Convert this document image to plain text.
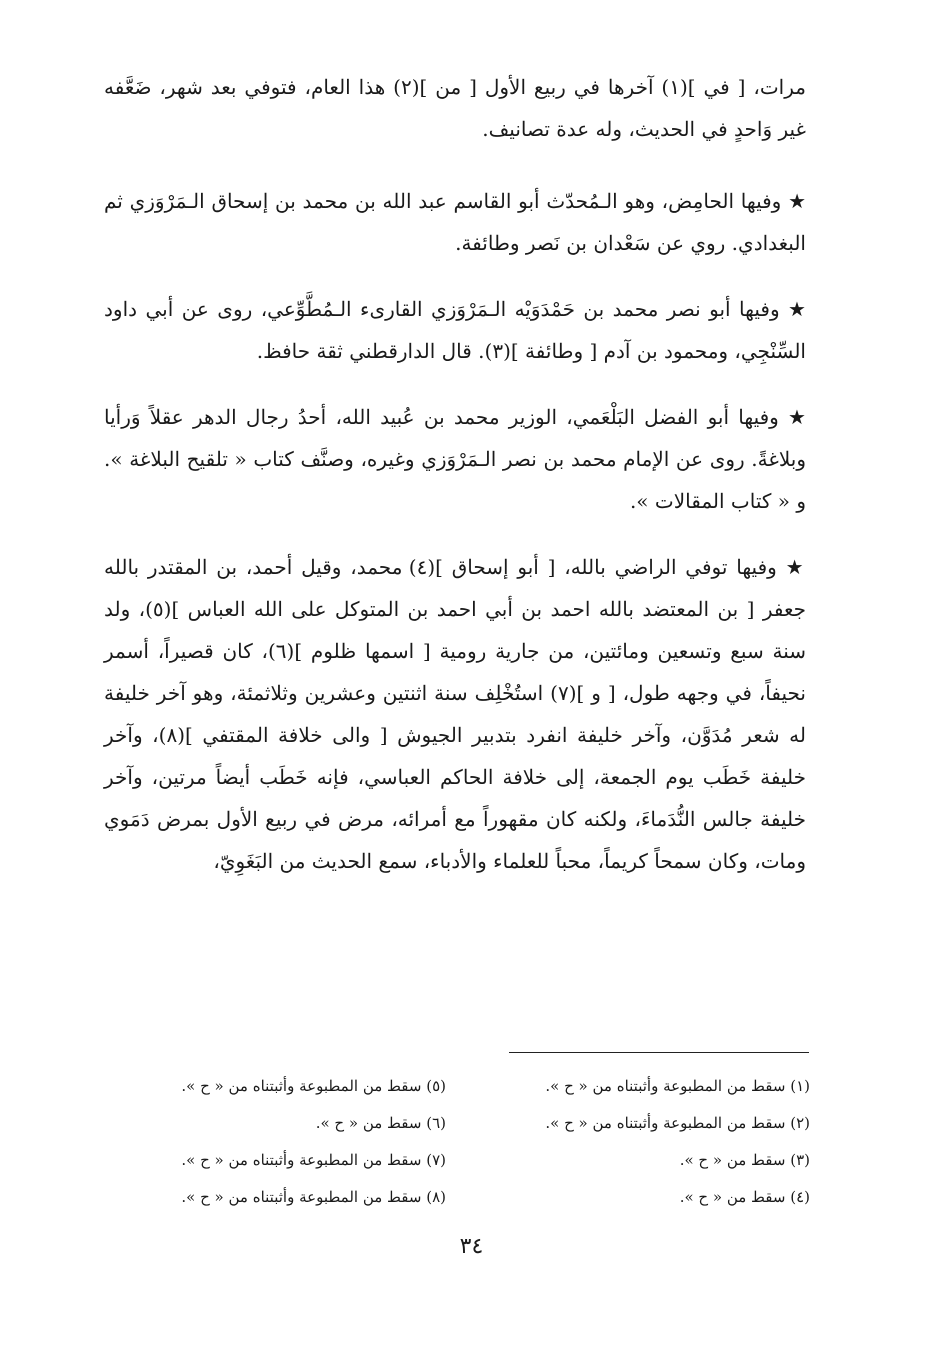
مرات، [ في ](١) آخرها في ربيع الأول [ من ](٢) هذا العام، فتوفي بعد شهر، ضَعَّفه غير وَاحدٍ في الحديث، وله عدة تصانيف.

★ وفيها الحامِض، وهو الـمُحدّث أبو القاسم عبد الله بن محمد بن إسحاق الـمَرْوَزي ثم البغدادي. روي عن سَعْدان بن نَصر وطائفة.

★ وفيها أبو نصر محمد بن حَمْدَوَيْه الـمَرْوَزي القارىء الـمُطَّوِّعي، روى عن أبي داود السِّنْجِي، ومحمود بن آدم [ وطائفة ](٣). قال الدارقطني ثقة حافظ.

★ وفيها أبو الفضل البَلْعَمي، الوزير محمد بن عُبيد الله، أحدُ رجال الدهر عقلاً وَرأيا وبلاغةً. روى عن الإمام محمد بن نصر الـمَرْوَزي وغيره، وصنَّف كتاب « تلقيح البلاغة ». و « كتاب المقالات ».

★ وفيها توفي الراضي بالله، [ أبو إسحاق ](٤) محمد، وقيل أحمد، بن المقتدر بالله جعفر [ بن المعتضد بالله احمد بن أبي احمد بن المتوكل على الله العباس ](٥)، ولد سنة سبع وتسعين ومائتين، من جارية رومية [ اسمها ظلوم ](٦)، كان قصيراً، أسمر نحيفاً، في وجهه طول، [ و ](٧) استُخْلِف سنة اثنتين وعشرين وثلاثمئة، وهو آخر خليفة له شعر مُدَوَّن، وآخر خليفة انفرد بتدبير الجيوش [ والى خلافة المقتفي ](٨)، وآخر خليفة خَطَب يوم الجمعة، إلى خلافة الحاكم العباسي، فإنه خَطَب أيضاً مرتين، وآخر خليفة جالس النُّدَماءَ، ولكنه كان مقهوراً مع أمرائه، مرض في ربيع الأول بمرض دَمَوي ومات، وكان سمحاً كريماً، محباً للعلماء والأدباء، سمع الحديث من البَغَوِيّ،

(١) سقط من المطبوعة وأثبتناه من « ح ».
(٢) سقط من المطبوعة وأثبتناه من « ح ».
(٣) سقط من « ح ».
(٤) سقط من « ح ».
(٥) سقط من المطبوعة وأثبتناه من « ح ».
(٦) سقط من « ح ».
(٧) سقط من المطبوعة وأثبتناه من « ح ».
(٨) سقط من المطبوعة وأثبتناه من « ح ».
٣٤
